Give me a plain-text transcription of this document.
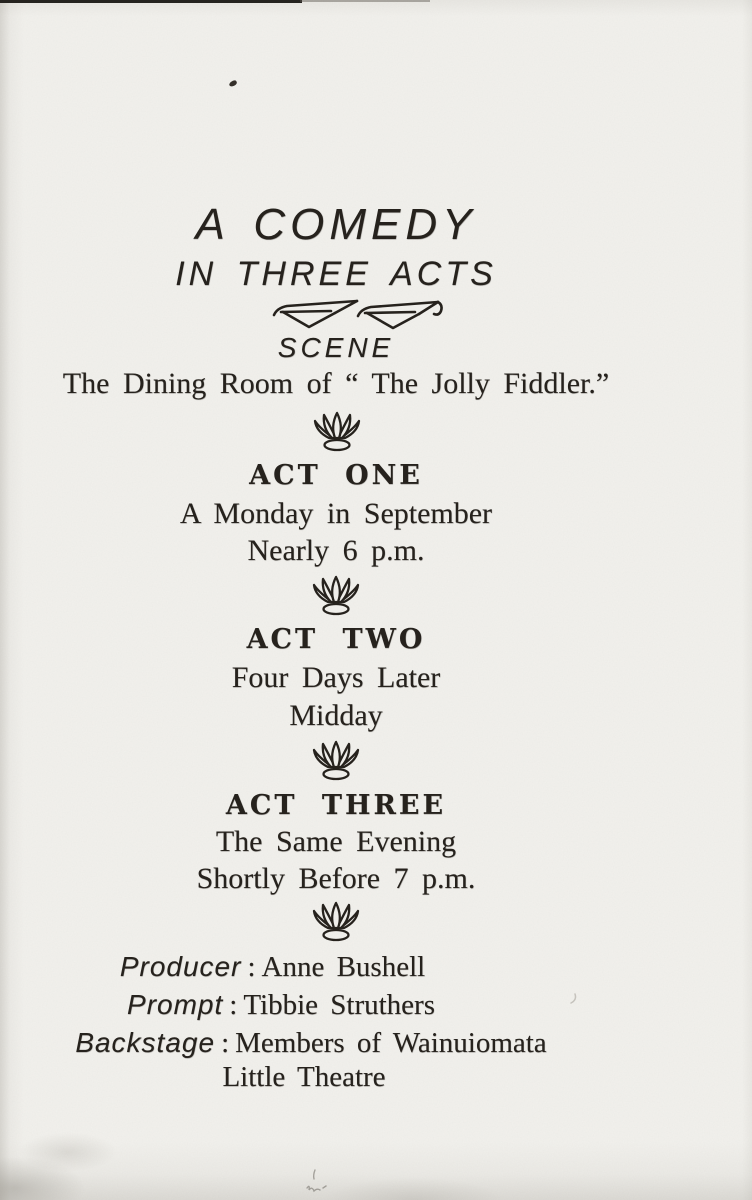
A COMEDY
IN THREE ACTS
SCENE
The Dining Room of “ The Jolly Fiddler.”
ACT ONE
A Monday in September
Nearly 6 p.m.
ACT TWO
Four Days Later
Midday
ACT THREE
The Same Evening
Shortly Before 7 p.m.
Producer : Anne Bushell
Prompt : Tibbie Struthers
Backstage : Members of Wainuiomata
Little Theatre
